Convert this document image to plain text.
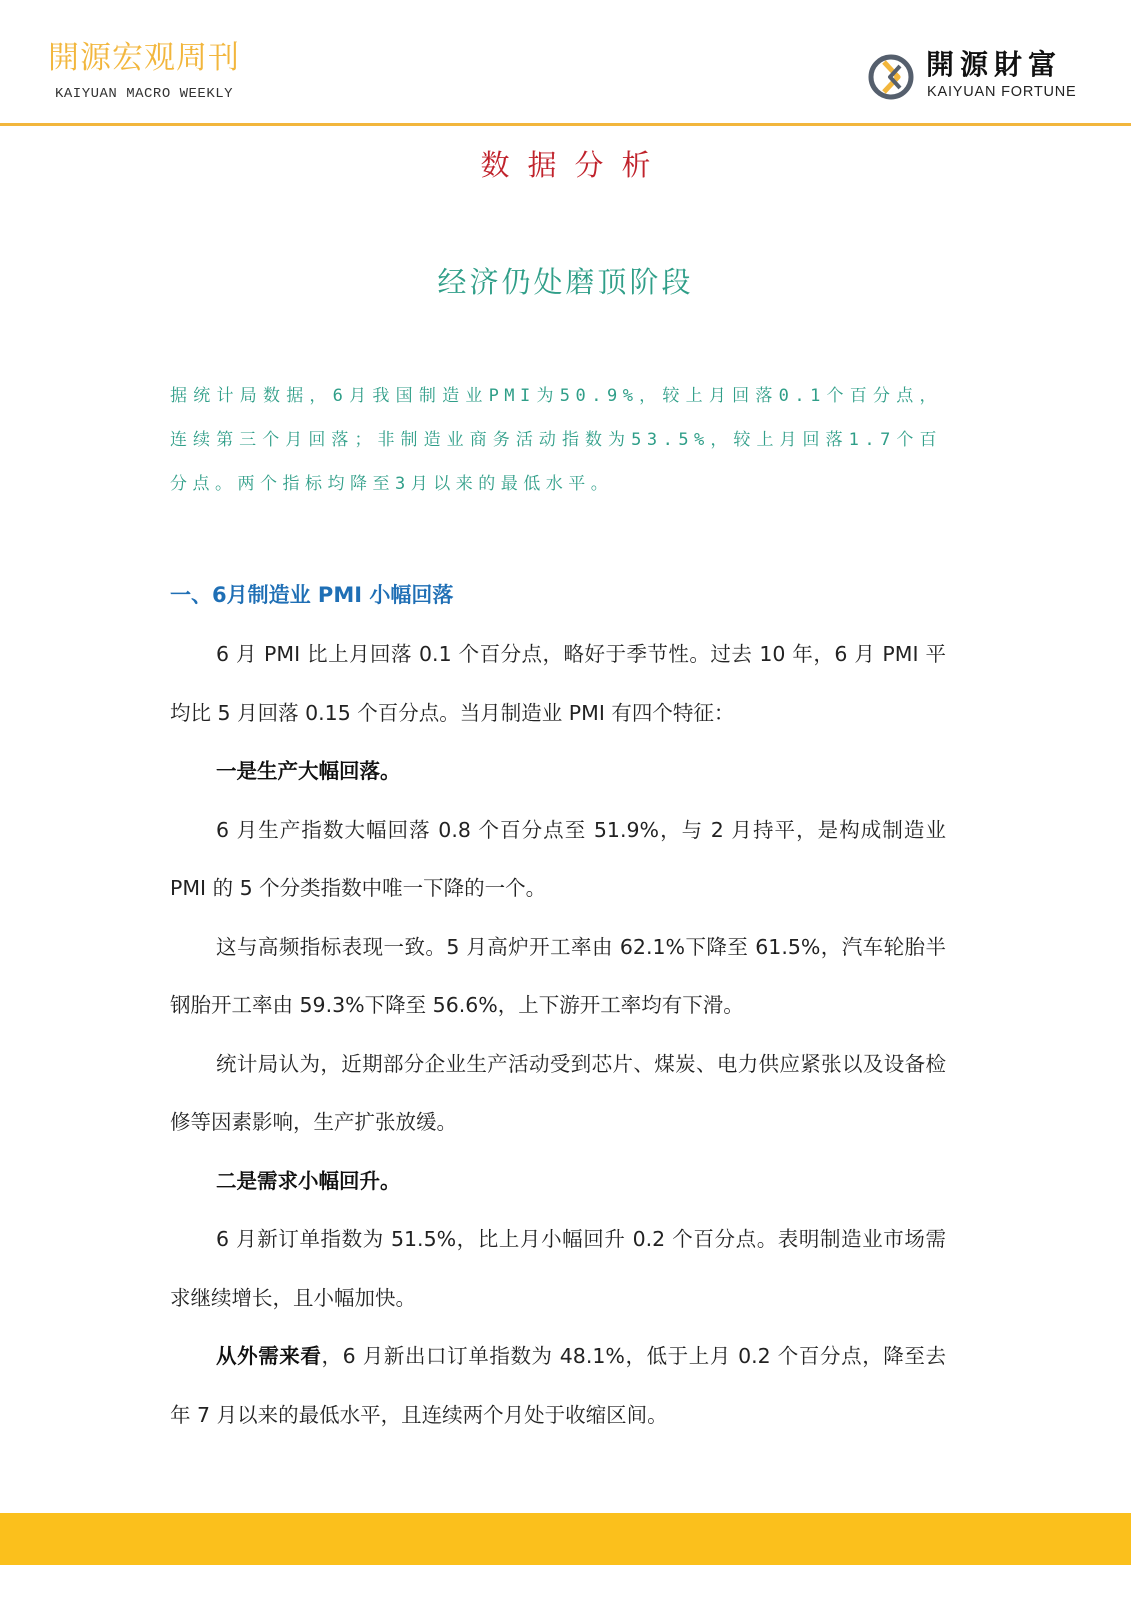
開源宏观周刊
KAIYUAN MACRO WEEKLY
開源財富
KAIYUAN FORTUNE
数据分析
经济仍处磨顶阶段
据统计局数据，6月我国制造业PMI为50.9%，较上月回落0.1个百分点，连续第三个月回落；非制造业商务活动指数为53.5%，较上月回落1.7个百分点。两个指标均降至3月以来的最低水平。
一、6月制造业 PMI 小幅回落

6 月 PMI 比上月回落 0.1 个百分点，略好于季节性。过去 10 年，6 月 PMI 平均比 5 月回落 0.15 个百分点。当月制造业 PMI 有四个特征：

一是生产大幅回落。

6 月生产指数大幅回落 0.8 个百分点至 51.9%，与 2 月持平，是构成制造业 PMI 的 5 个分类指数中唯一下降的一个。

这与高频指标表现一致。5 月高炉开工率由 62.1%下降至 61.5%，汽车轮胎半钢胎开工率由 59.3%下降至 56.6%，上下游开工率均有下滑。

统计局认为，近期部分企业生产活动受到芯片、煤炭、电力供应紧张以及设备检修等因素影响，生产扩张放缓。

二是需求小幅回升。

6 月新订单指数为 51.5%，比上月小幅回升 0.2 个百分点。表明制造业市场需求继续增长，且小幅加快。

从外需来看，6 月新出口订单指数为 48.1%，低于上月 0.2 个百分点，降至去年 7 月以来的最低水平，且连续两个月处于收缩区间。
